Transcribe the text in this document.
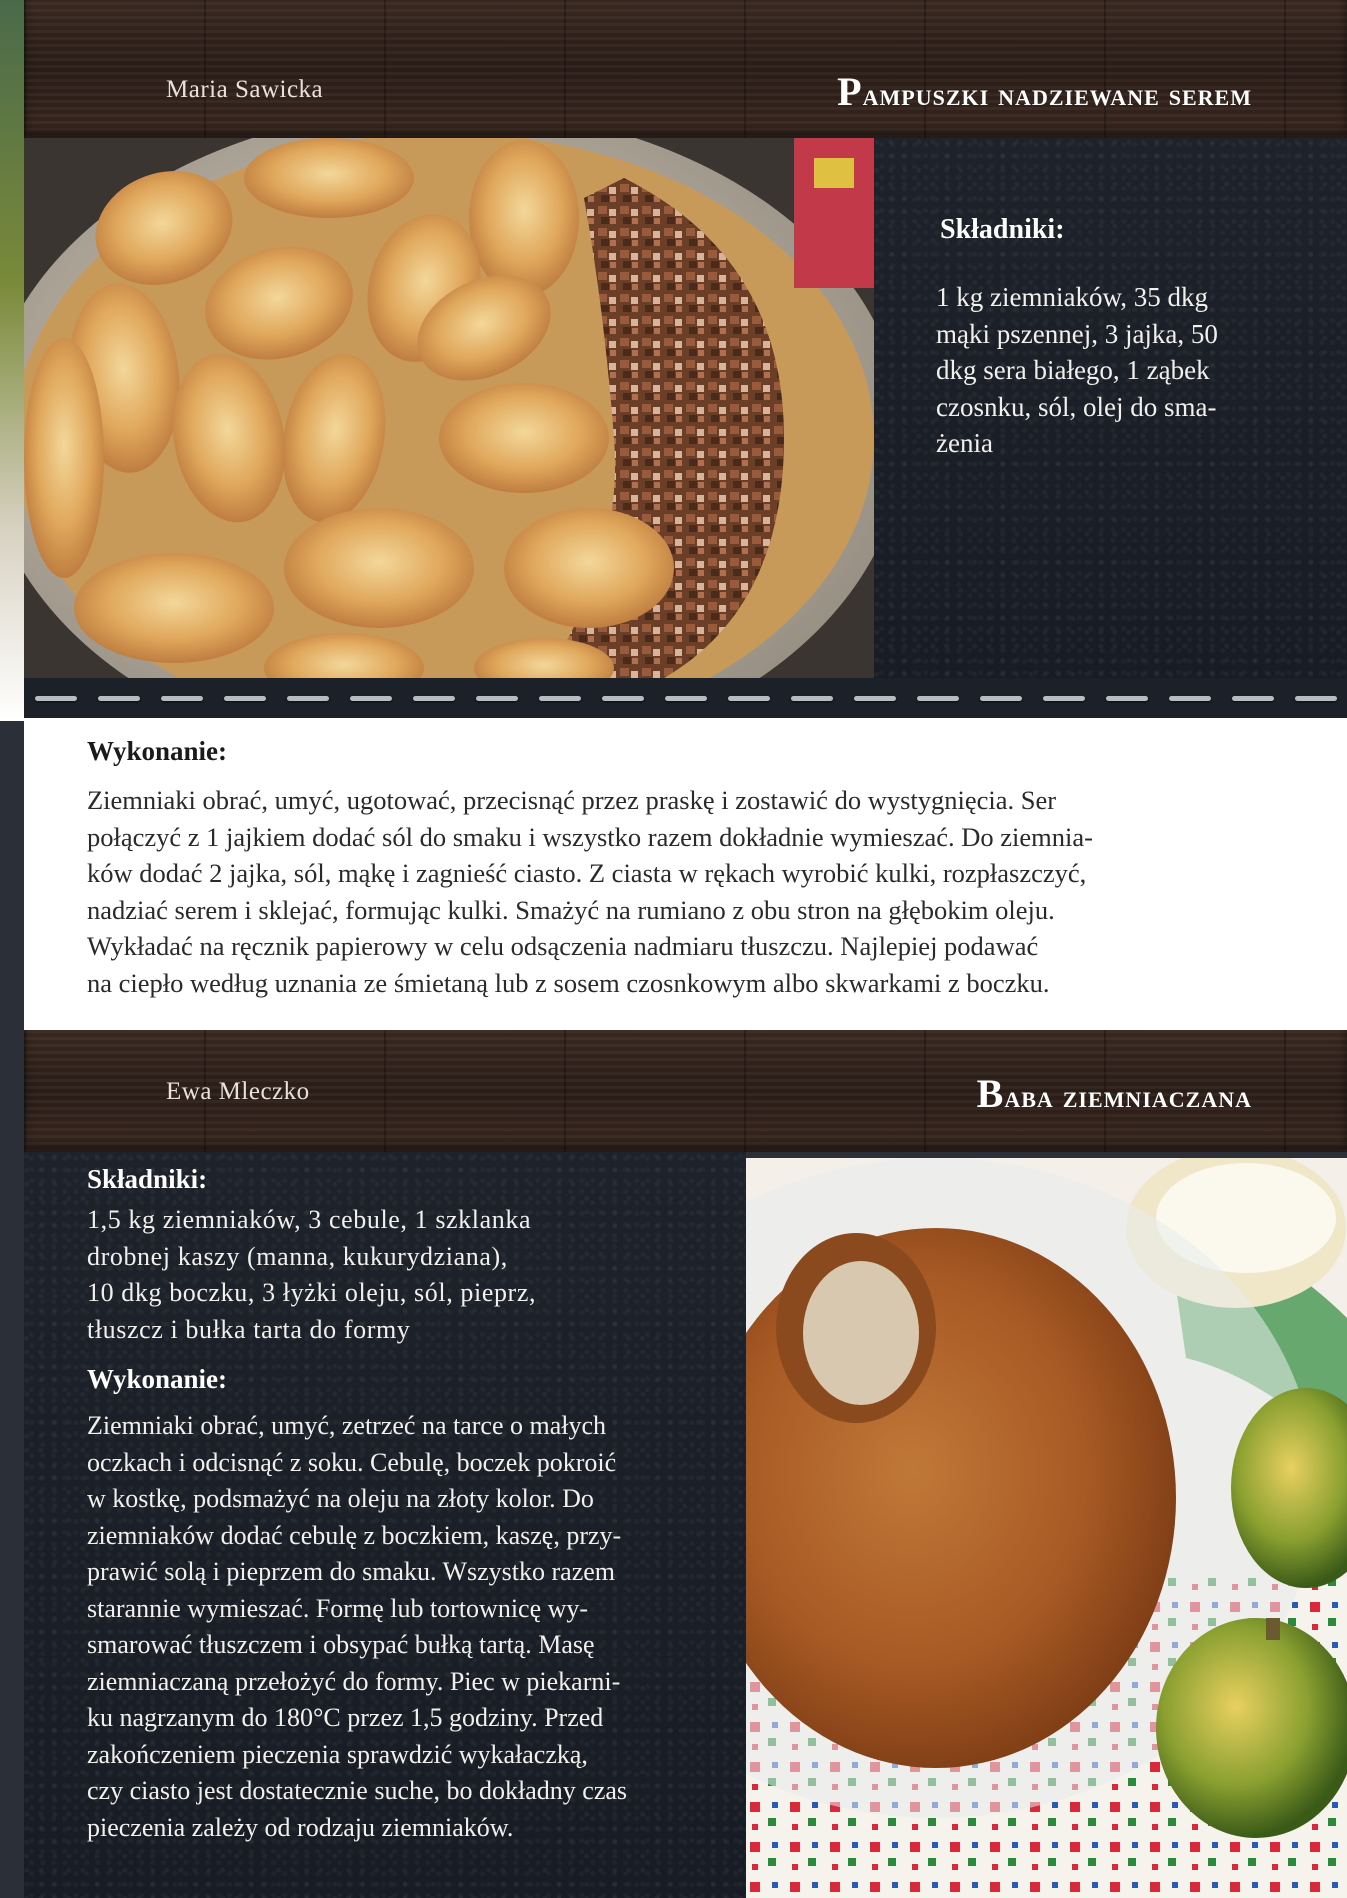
Maria Sawicka	Pampuszki nadziewane serem
Składniki:
1 kg ziemniaków, 35 dkg
mąki pszennej, 3 jajka, 50
dkg sera białego, 1 ząbek
czosnku, sól, olej do sma-
żenia
Wykonanie:
Ziemniaki obrać, umyć, ugotować, przecisnąć przez praskę i zostawić do wystygnięcia. Ser
połączyć z 1 jajkiem dodać sól do smaku i wszystko razem dokładnie wymieszać. Do ziemnia-
ków dodać 2 jajka, sól, mąkę i zagnieść ciasto. Z ciasta w rękach wyrobić kulki, rozpłaszczyć,
nadziać serem i sklejać, formując kulki. Smażyć na rumiano z obu stron na głębokim oleju.
Wykładać na ręcznik papierowy w celu odsączenia nadmiaru tłuszczu. Najlepiej podawać
na ciepło według uznania ze śmietaną lub z sosem czosnkowym albo skwarkami z boczku.
Ewa Mleczko	Baba ziemniaczana
Składniki:
1,5 kg ziemniaków, 3 cebule, 1 szklanka
drobnej kaszy (manna, kukurydziana),
10 dkg boczku, 3 łyżki oleju, sól, pieprz,
tłuszcz i bułka tarta do formy
Wykonanie:
Ziemniaki obrać, umyć, zetrzeć na tarce o małych
oczkach i odcisnąć z soku. Cebulę, boczek pokroić
w kostkę, podsmażyć na oleju na złoty kolor. Do
ziemniaków dodać cebulę z boczkiem, kaszę, przy-
prawić solą i pieprzem do smaku. Wszystko razem
starannie wymieszać. Formę lub tortownicę wy-
smarować tłuszczem i obsypać bułką tartą. Masę
ziemniaczaną przełożyć do formy. Piec w piekarni-
ku nagrzanym do 180°C przez 1,5 godziny. Przed
zakończeniem pieczenia sprawdzić wykałaczką,
czy ciasto jest dostatecznie suche, bo dokładny czas
pieczenia zależy od rodzaju ziemniaków.
